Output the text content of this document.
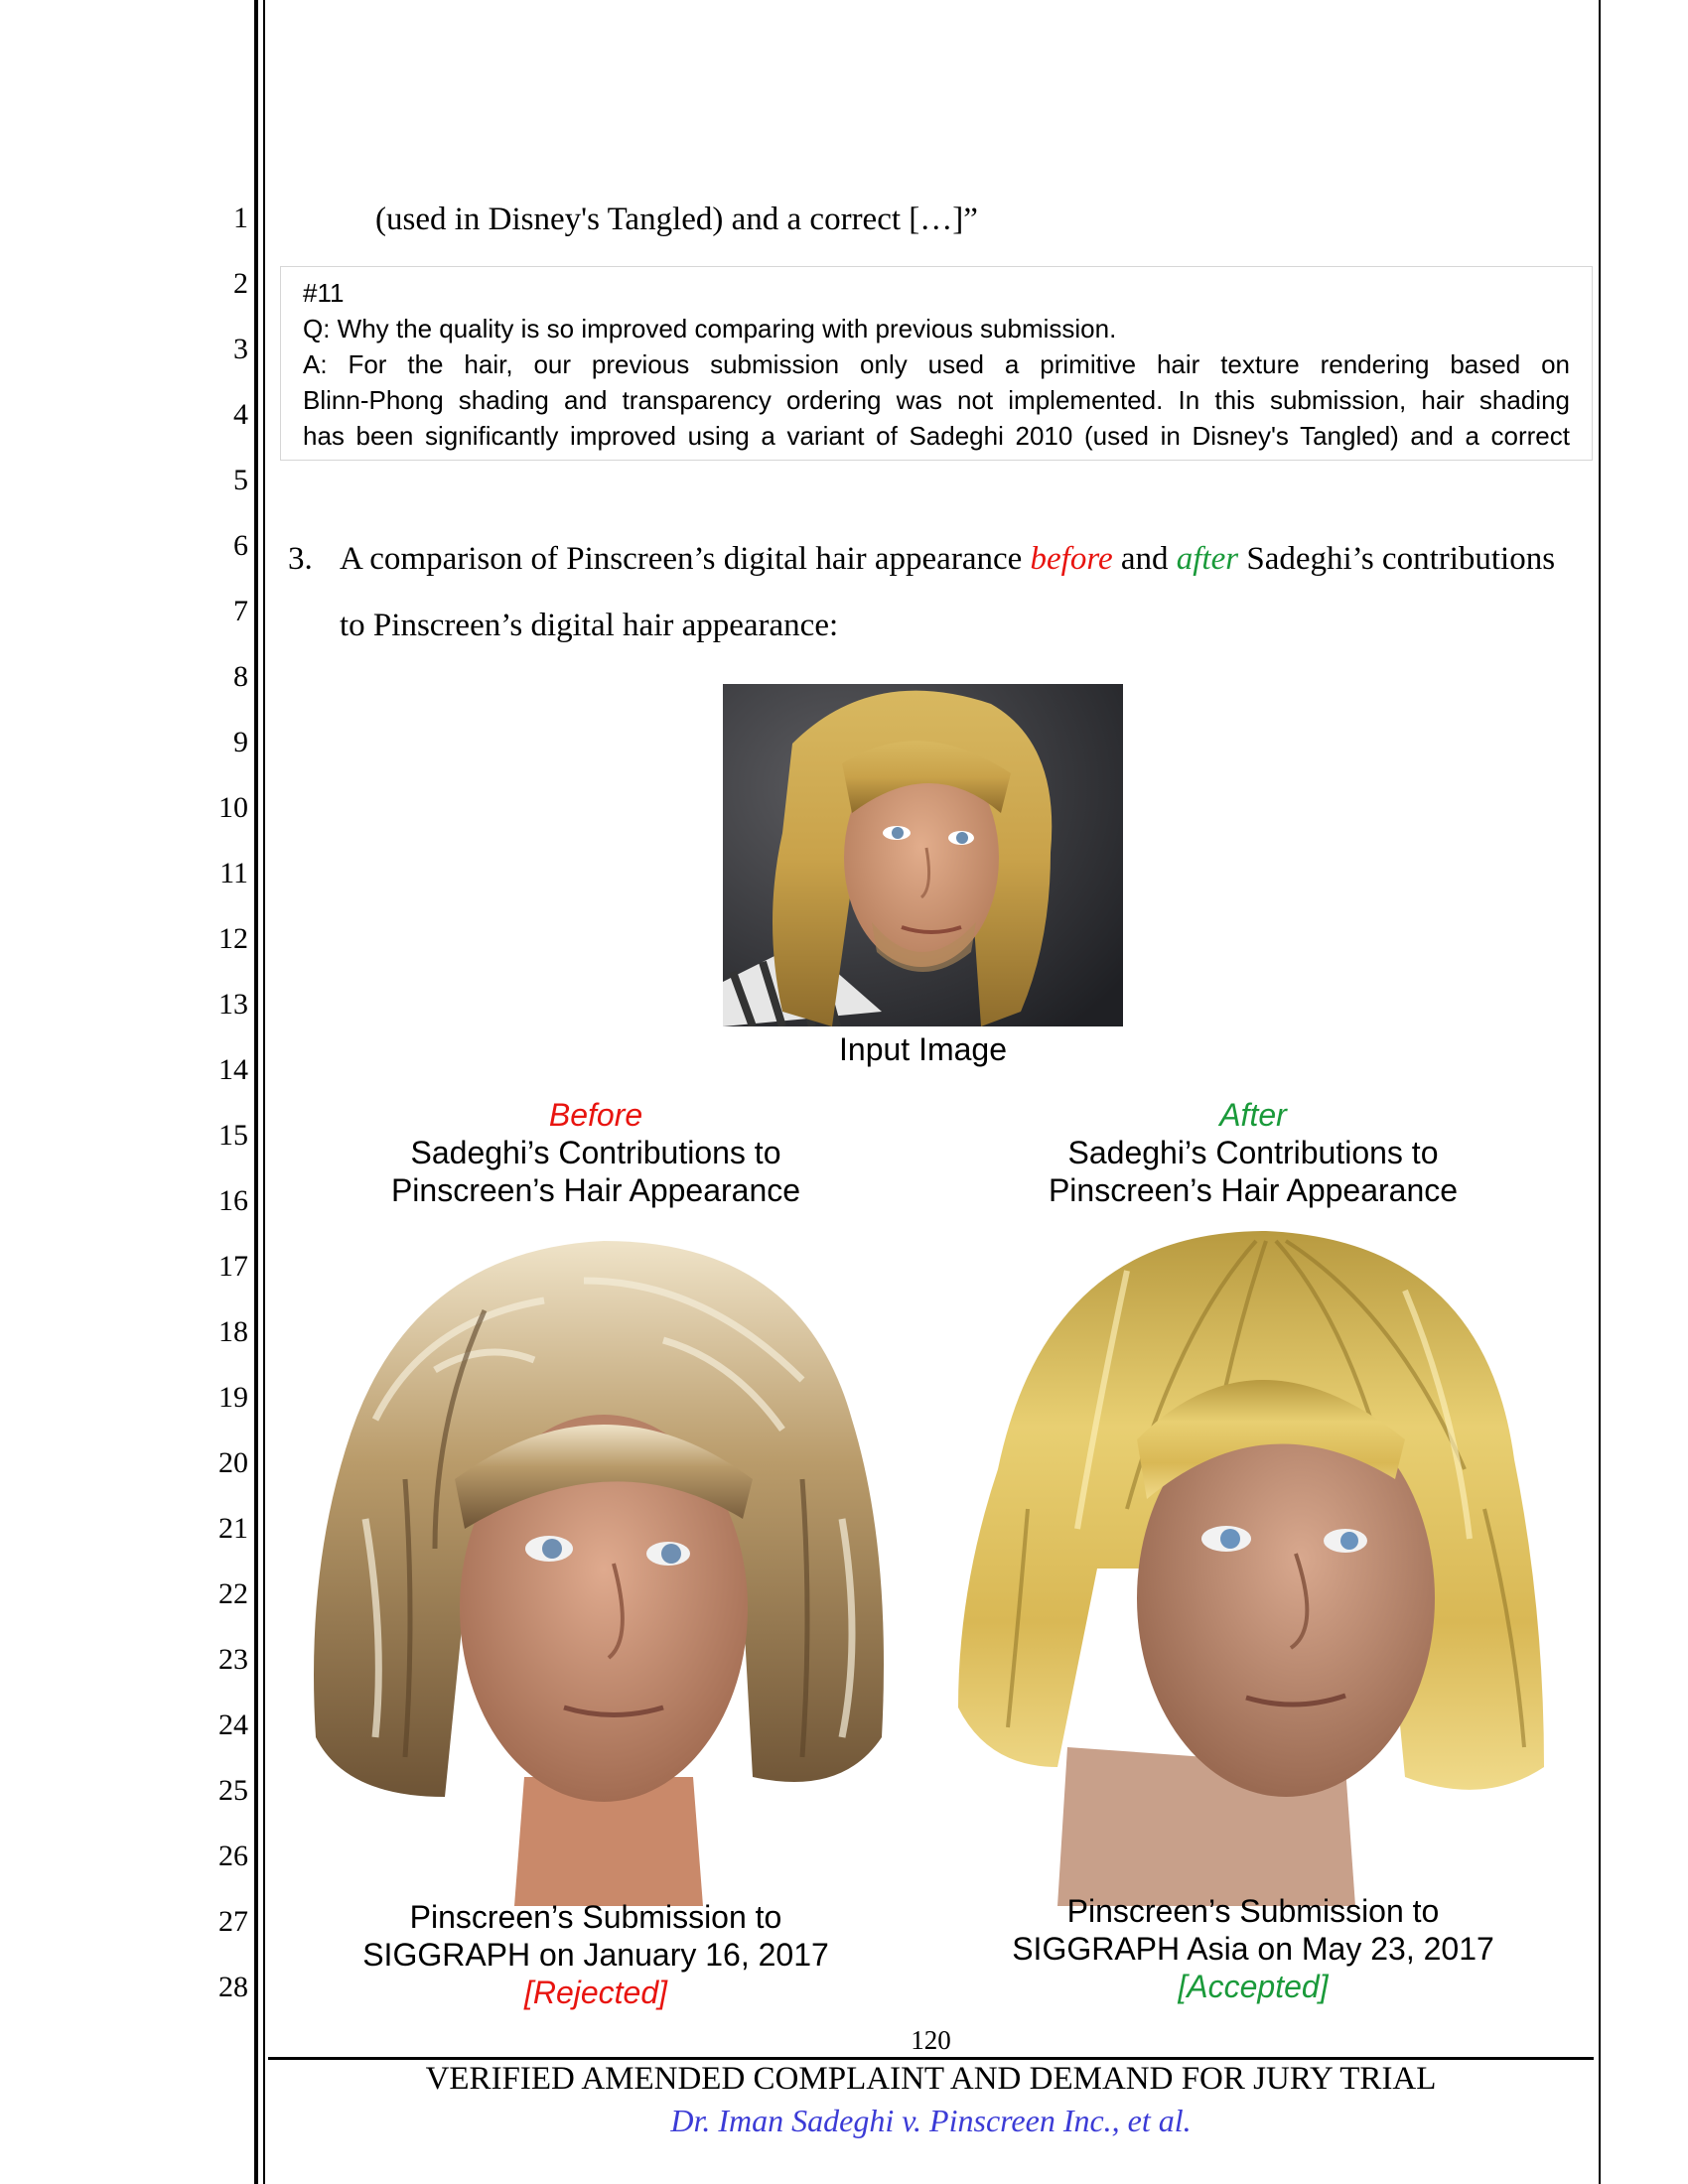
1
2
3
4
5
6
7
8
9
10
11
12
13
14
15
16
17
18
19
20
21
22
23
24
25
26
27
28
(used in Disney's Tangled) and a correct […]”
#11
Q: Why the quality is so improved comparing with previous submission.
A: For the hair, our previous submission only used a primitive hair texture rendering based on
Blinn-Phong shading and transparency ordering was not implemented. In this submission, hair shading
has been significantly improved using a variant of Sadeghi 2010 (used in Disney's Tangled) and a correct
3. A comparison of Pinscreen’s digital hair appearance before and after Sadeghi’s contributions
to Pinscreen’s digital hair appearance:
Input Image
Before
Sadeghi’s Contributions to
Pinscreen’s Hair Appearance
After
Sadeghi’s Contributions to
Pinscreen’s Hair Appearance
Pinscreen’s Submission to
SIGGRAPH on January 16, 2017
[Rejected]
Pinscreen’s Submission to
SIGGRAPH Asia on May 23, 2017
[Accepted]
120
VERIFIED AMENDED COMPLAINT AND DEMAND FOR JURY TRIAL
Dr. Iman Sadeghi v. Pinscreen Inc., et al.
